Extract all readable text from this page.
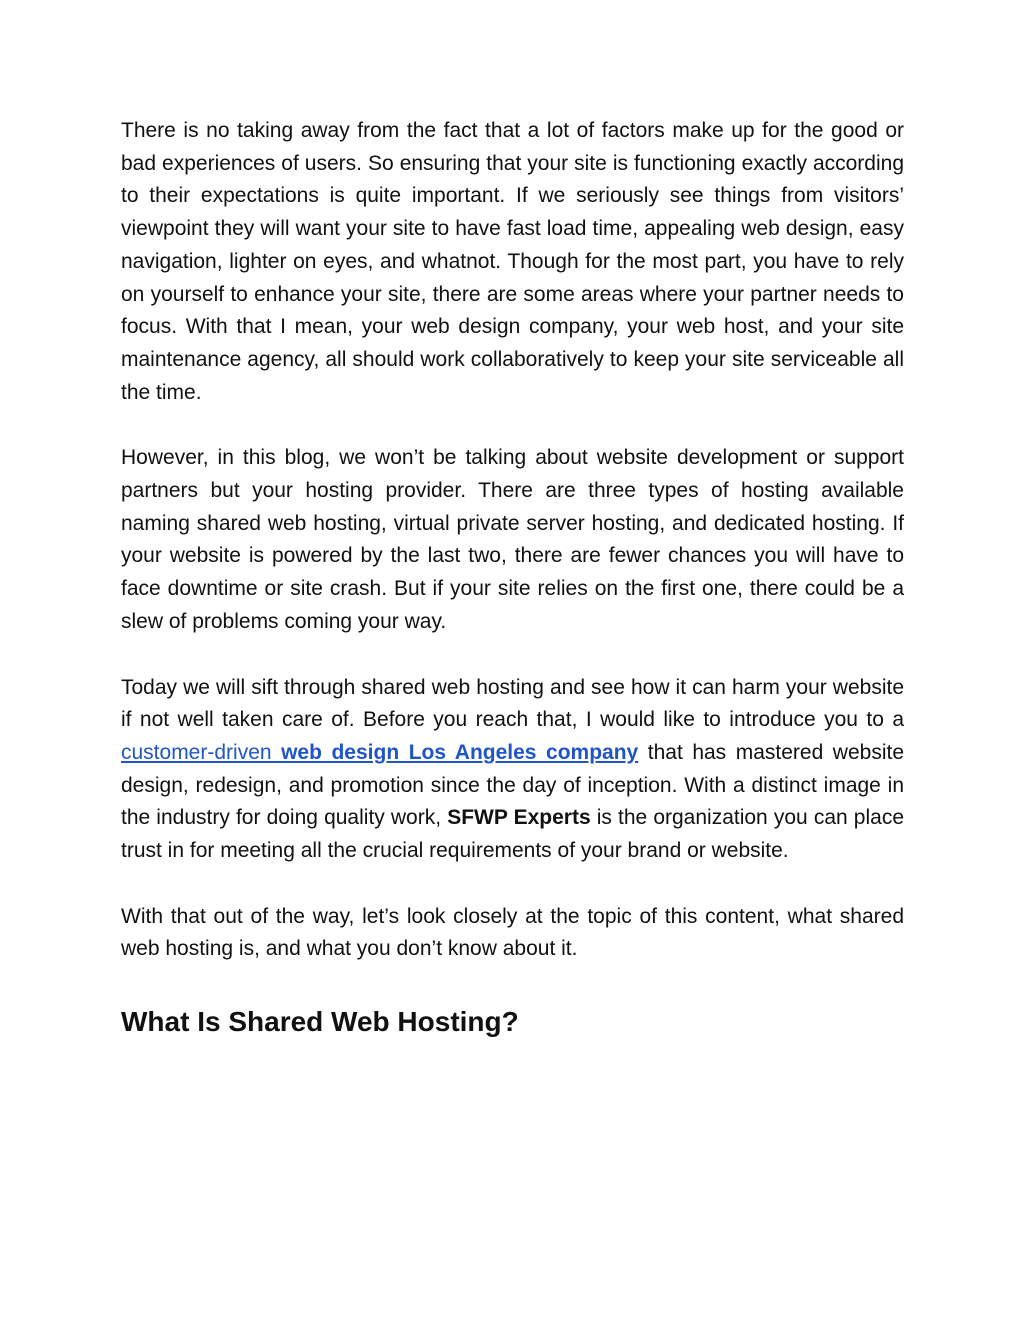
There is no taking away from the fact that a lot of factors make up for the good or bad experiences of users. So ensuring that your site is functioning exactly according to their expectations is quite important. If we seriously see things from visitors’ viewpoint they will want your site to have fast load time, appealing web design, easy navigation, lighter on eyes, and whatnot. Though for the most part, you have to rely on yourself to enhance your site, there are some areas where your partner needs to focus. With that I mean, your web design company, your web host, and your site maintenance agency, all should work collaboratively to keep your site serviceable all the time.

However, in this blog, we won’t be talking about website development or support partners but your hosting provider. There are three types of hosting available naming shared web hosting, virtual private server hosting, and dedicated hosting. If your website is powered by the last two, there are fewer chances you will have to face downtime or site crash. But if your site relies on the first one, there could be a slew of problems coming your way.

Today we will sift through shared web hosting and see how it can harm your website if not well taken care of. Before you reach that, I would like to introduce you to a customer-driven web design Los Angeles company that has mastered website design, redesign, and promotion since the day of inception. With a distinct image in the industry for doing quality work, SFWP Experts is the organization you can place trust in for meeting all the crucial requirements of your brand or website.

With that out of the way, let’s look closely at the topic of this content, what shared web hosting is, and what you don’t know about it.

What Is Shared Web Hosting?
